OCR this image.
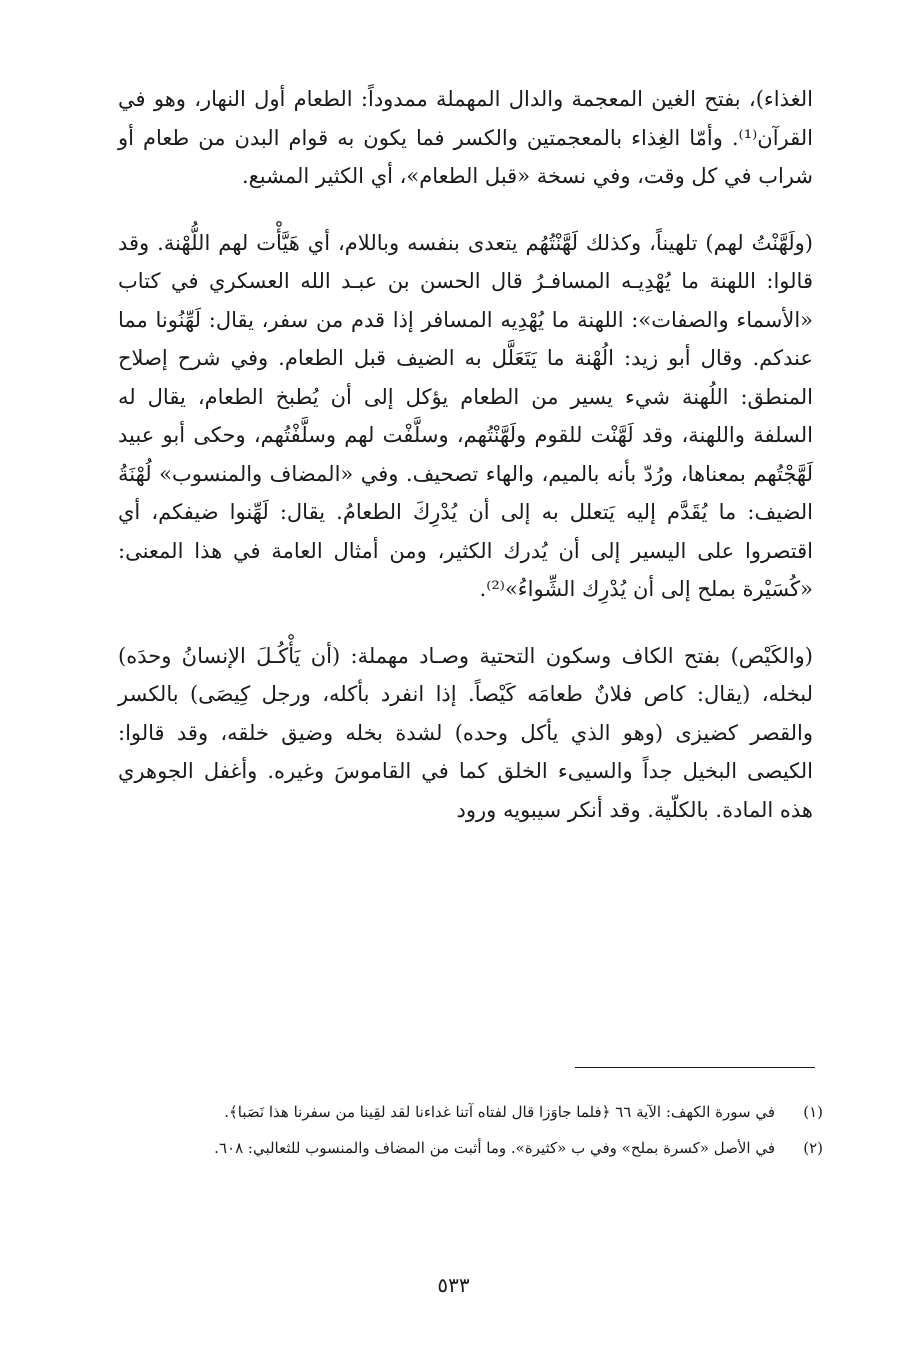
الغذاء)، بفتح الغين المعجمة والدال المهملة ممدوداً: الطعام أول النهار، وهو في القرآن⁽¹⁾. وأمّا الغِذاء بالمعجمتين والكسر فما يكون به قوام البدن من طعام أو شراب في كل وقت، وفي نسخة «قبل الطعام»، أي الكثير المشبع.

(ولَهَّنْتُ لهم) تلهيناً، وكذلك لَهَّنْتُهُم يتعدى بنفسه وباللام، أي هَيَّأْت لهم اللُّهْنة. وقد قالوا: اللهنة ما يُهْدِيـه المسافـرُ قال الحسن بن عبـد الله العسكري في كتاب «الأسماء والصفات»: اللهنة ما يُهْدِيه المسافر إذا قدم من سفر، يقال: لَهِّنُونا مما عندكم. وقال أبو زيد: الُهْنة ما يَتَعَلَّل به الضيف قبل الطعام. وفي شرح إصلاح المنطق: اللُهنة شيء يسير من الطعام يؤكل إلى أن يُطبخ الطعام، يقال له السلفة واللهنة، وقد لَهَّنْت للقوم ولَهَّنْتُهم، وسلَّفْت لهم وسلَّفْتُهم، وحكى أبو عبيد لَهَّجْتُهم بمعناها، ورُدّ بأنه بالميم، والهاء تصحيف. وفي «المضاف والمنسوب» لُهْنَةُ الضيف: ما يُقَدَّم إليه يَتعلل به إلى أن يُدْرِكَ الطعامُ. يقال: لَهِّنوا ضيفكم، أي اقتصروا على اليسير إلى أن يُدرك الكثير، ومن أمثال العامة في هذا المعنى: «كُسَيْرة بملح إلى أن يُدْرِك الشِّواءُ»⁽²⁾.

(والكَيْص) بفتح الكاف وسكون التحتية وصـاد مهملة: (أن يَأْكُـلَ الإنسانُ وحدَه) لبخله، (يقال: كاص فلانٌ طعامَه كَيْصاً. إذا انفرد بأكله، ورجل كِيصَى) بالكسر والقصر كضيزى (وهو الذي يأكل وحده) لشدة بخله وضيق خلقه، وقد قالوا: الكيصى البخيل جداً والسيىء الخلق كما في القاموسَ وغيره. وأغفل الجوهري هذه المادة. بالكلّية. وقد أنكر سيبويه ورود

(١)
في سورة الكهف: الآية ٦٦ ﴿فلما جاوَزا قال لفتاه آتنا غداءنا لقد لقِينا من سفرنا هذا نَصَبا﴾.
(٢)
في الأصل «كسرة بملح» وفي ب «كثيرة». وما أثبت من المضاف والمنسوب للثعالبي: ٦٠٨.
٥٣٣
